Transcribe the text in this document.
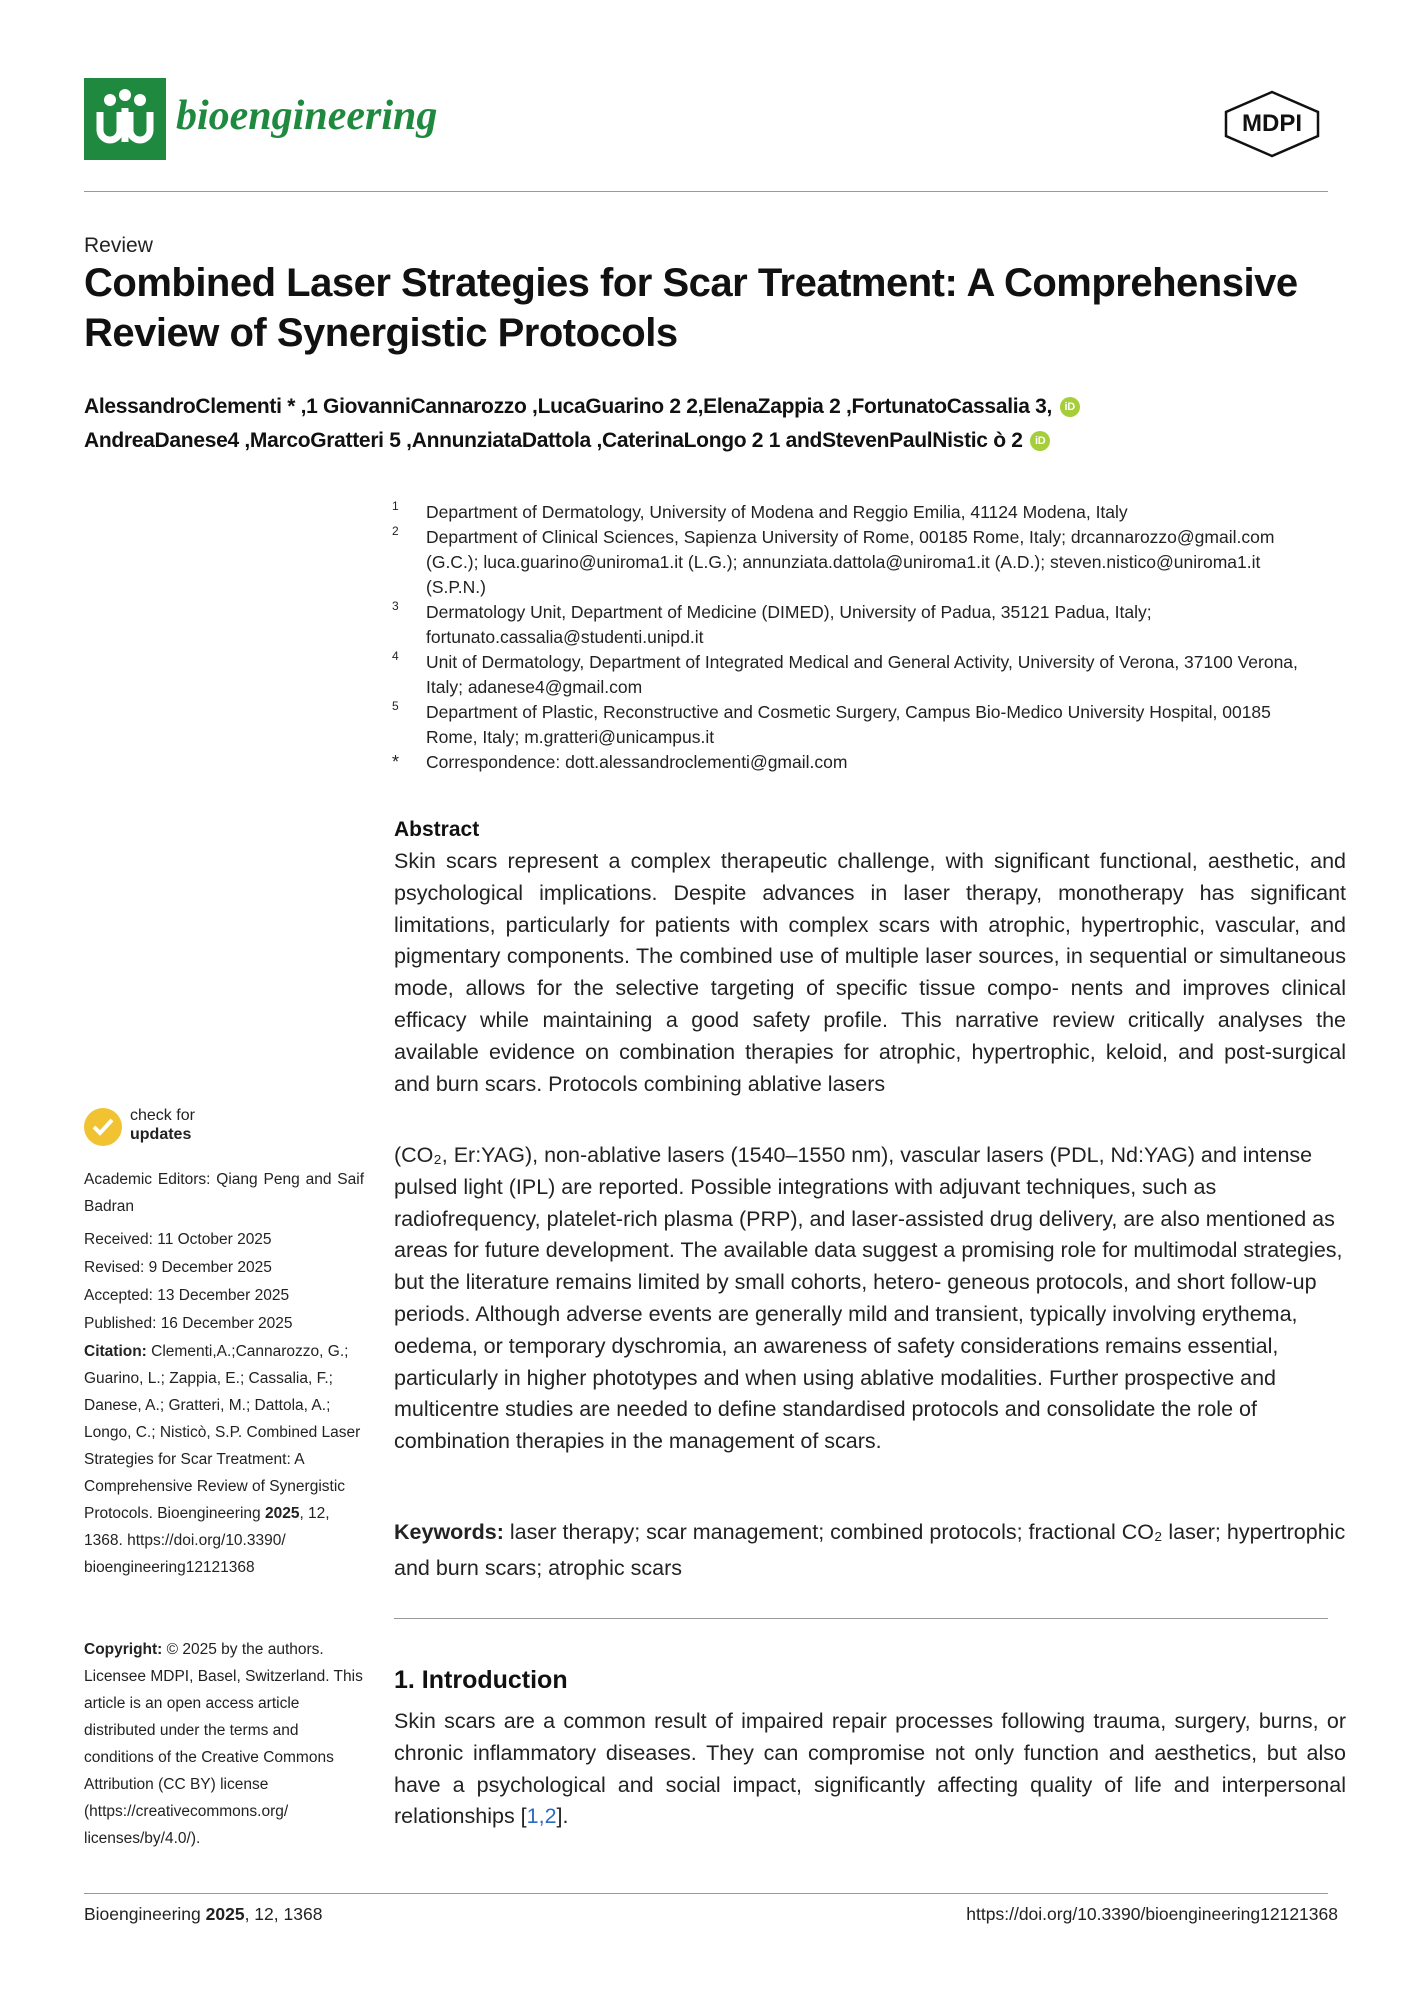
bioengineering	MDPI
Review
Combined Laser Strategies for Scar Treatment: A Comprehensive Review of Synergistic Protocols
AlessandroClementi * ,1 GiovanniCannarozzo ,LucaGuarino 2 2,ElenaZappia 2 ,FortunatoCassalia 3, iD
AndreaDanese4 ,MarcoGratteri 5 ,AnnunziataDattola ,CaterinaLongo 2 1 andStevenPaulNistic ò 2 iD

1 Department of Dermatology, University of Modena and Reggio Emilia, 41124 Modena, Italy

2 Department of Clinical Sciences, Sapienza University of Rome, 00185 Rome, Italy; drcannarozzo@gmail.com (G.C.); luca.guarino@uniroma1.it (L.G.); annunziata.dattola@uniroma1.it (A.D.); steven.nistico@uniroma1.it (S.P.N.)

3 Dermatology Unit, Department of Medicine (DIMED), University of Padua, 35121 Padua, Italy; fortunato.cassalia@studenti.unipd.it

4 Unit of Dermatology, Department of Integrated Medical and General Activity, University of Verona, 37100 Verona, Italy; adanese4@gmail.com

5 Department of Plastic, Reconstructive and Cosmetic Surgery, Campus Bio-Medico University Hospital, 00185 Rome, Italy; m.gratteri@unicampus.it

* Correspondence: dott.alessandroclementi@gmail.com

Abstract
Skin scars represent a complex therapeutic challenge, with significant functional, aesthetic, and psychological implications. Despite advances in laser therapy, monotherapy has significant limitations, particularly for patients with complex scars with atrophic, hypertrophic, vascular, and pigmentary components. The combined use of multiple laser sources, in sequential or simultaneous mode, allows for the selective targeting of specific tissue compo- nents and improves clinical efficacy while maintaining a good safety profile. This narrative review critically analyses the available evidence on combination therapies for atrophic, hypertrophic, keloid, and post-surgical and burn scars. Protocols combining ablative lasers
(CO₂, Er:YAG), non-ablative lasers (1540–1550 nm), vascular lasers (PDL, Nd:YAG) and intense pulsed light (IPL) are reported. Possible integrations with adjuvant techniques, such as radiofrequency, platelet-rich plasma (PRP), and laser-assisted drug delivery, are also mentioned as areas for future development. The available data suggest a promising role for multimodal strategies, but the literature remains limited by small cohorts, hetero- geneous protocols, and short follow-up periods. Although adverse events are generally mild and transient, typically involving erythema, oedema, or temporary dyschromia, an awareness of safety considerations remains essential, particularly in higher phototypes and when using ablative modalities. Further prospective and multicentre studies are needed to define standardised protocols and consolidate the role of combination therapies in the management of scars.
Keywords: laser therapy; scar management; combined protocols; fractional CO₂ laser; hypertrophic and burn scars; atrophic scars
1. Introduction
Skin scars are a common result of impaired repair processes following trauma, surgery, burns, or chronic inflammatory diseases. They can compromise not only function and aesthetics, but also have a psychological and social impact, significantly affecting quality of life and interpersonal relationships [1,2].
check for
updates
Academic Editors: Qiang Peng and Saif Badran
Received: 11 October 2025
Revised: 9 December 2025
Accepted: 13 December 2025
Published: 16 December 2025
Citation: Clementi,A.;Cannarozzo, G.; Guarino, L.; Zappia, E.; Cassalia, F.; Danese, A.; Gratteri, M.; Dattola, A.; Longo, C.; Nisticò, S.P. Combined Laser Strategies for Scar Treatment: A Comprehensive Review of Synergistic Protocols. Bioengineering 2025, 12, 1368. https://doi.org/10.3390/ bioengineering12121368
Copyright: © 2025 by the authors. Licensee MDPI, Basel, Switzerland. This article is an open access article distributed under the terms and conditions of the Creative Commons Attribution (CC BY) license (https://creativecommons.org/ licenses/by/4.0/).
Bioengineering 2025, 12, 1368	https://doi.org/10.3390/bioengineering12121368
